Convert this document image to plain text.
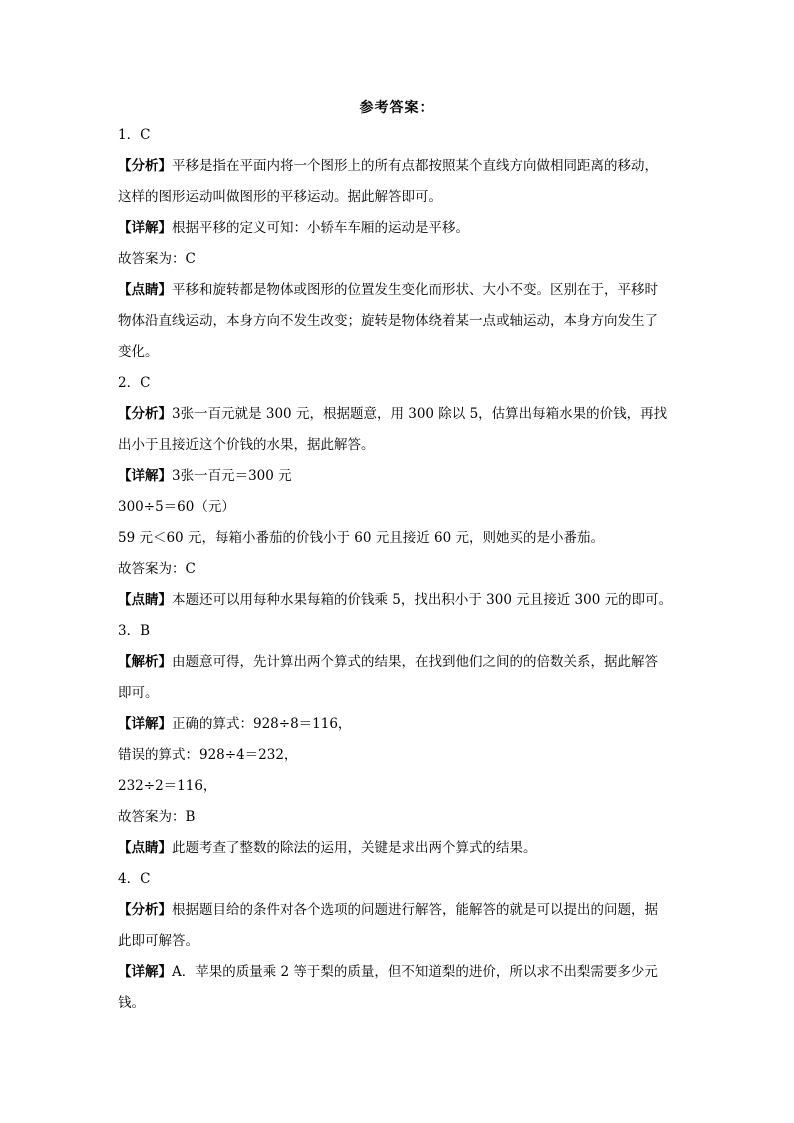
参考答案：
1．C
【分析】平移是指在平面内将一个图形上的所有点都按照某个直线方向做相同距离的移动，
这样的图形运动叫做图形的平移运动。据此解答即可。
【详解】根据平移的定义可知：小轿车车厢的运动是平移。
故答案为：C
【点睛】平移和旋转都是物体或图形的位置发生变化而形状、大小不变。区别在于，平移时
物体沿直线运动，本身方向不发生改变；旋转是物体绕着某一点或轴运动，本身方向发生了
变化。
2．C
【分析】3张一百元就是 300 元，根据题意，用 300 除以 5，估算出每箱水果的价钱，再找
出小于且接近这个价钱的水果，据此解答。
【详解】3张一百元＝300 元
300÷5＝60（元）
59 元＜60 元，每箱小番茄的价钱小于 60 元且接近 60 元，则她买的是小番茄。
故答案为：C
【点睛】本题还可以用每种水果每箱的价钱乘 5，找出积小于 300 元且接近 300 元的即可。
3．B
【解析】由题意可得，先计算出两个算式的结果，在找到他们之间的的倍数关系，据此解答
即可。
【详解】正确的算式：928÷8＝116，
错误的算式：928÷4＝232，
232÷2＝116，
故答案为：B
【点睛】此题考查了整数的除法的运用，关键是求出两个算式的结果。
4．C
【分析】根据题目给的条件对各个选项的问题进行解答，能解答的就是可以提出的问题，据
此即可解答。
【详解】A．苹果的质量乘 2 等于梨的质量，但不知道梨的进价，所以求不出梨需要多少元
钱。
